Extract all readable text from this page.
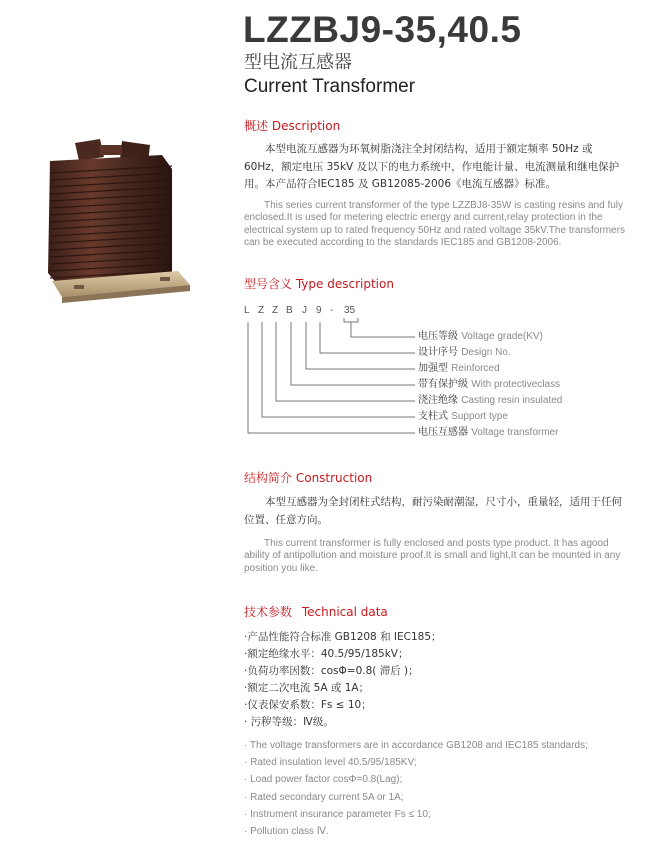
LZZBJ9-35,40.5
型电流互感器
Current Transformer
概述 Description

本型电流互感器为环氧树脂浇注全封闭结构，适用于额定频率 50Hz 或 60Hz，额定电压 35kV 及以下的电力系统中，作电能计量、电流测量和继电保护用。本产品符合IEC185 及 GB12085-2006《电流互感器》标准。

This series current transformer of the type LZZBJ8-35W is casting resins and fuly enclosed.It is used for metering electric energy and current,relay protection in the electrical system up to rated frequency 50Hz and rated voltage 35kV.The transformers can be executed according to the standards IEC185 and GB1208-2006.

型号含义 Type description
L Z Z B J 9 - 35
电压等级 Voltage grade(KV)
设计序号 Design No.
加强型 Reinforced
带有保护级 With protectiveclass
浇注绝缘 Casting resin insulated
支柱式 Support type
电压互感器 Voltage transformer
结构简介 Construction

本型互感器为全封闭柱式结构，耐污染耐潮湿，尺寸小，重量轻，适用于任何位置、任意方向。

This current transformer is fully enclosed and posts type product. It has agood ability of antipollution and moisture proof.It is small and light,It can be mounted in any position you like.

技术参数 Technical data
·产品性能符合标准 GB1208 和 IEC185；
·额定绝缘水平：40.5/95/185kV；
·负荷功率因数：cosΦ=0.8( 滞后 )；
·额定二次电流 5A 或 1A；
·仪表保安系数：Fs ≤ 10；
· 污秽等级：Ⅳ级。
· The voltage transformers are in accordance GB1208 and IEC185 standards;
· Rated insulation level 40.5/95/185KV;
· Load power factor cosΦ=0.8(Lag);
· Rated secondary current 5A or 1A;
· Instrument insurance parameter Fs ≤ 10;
· Pollution class Ⅳ.
